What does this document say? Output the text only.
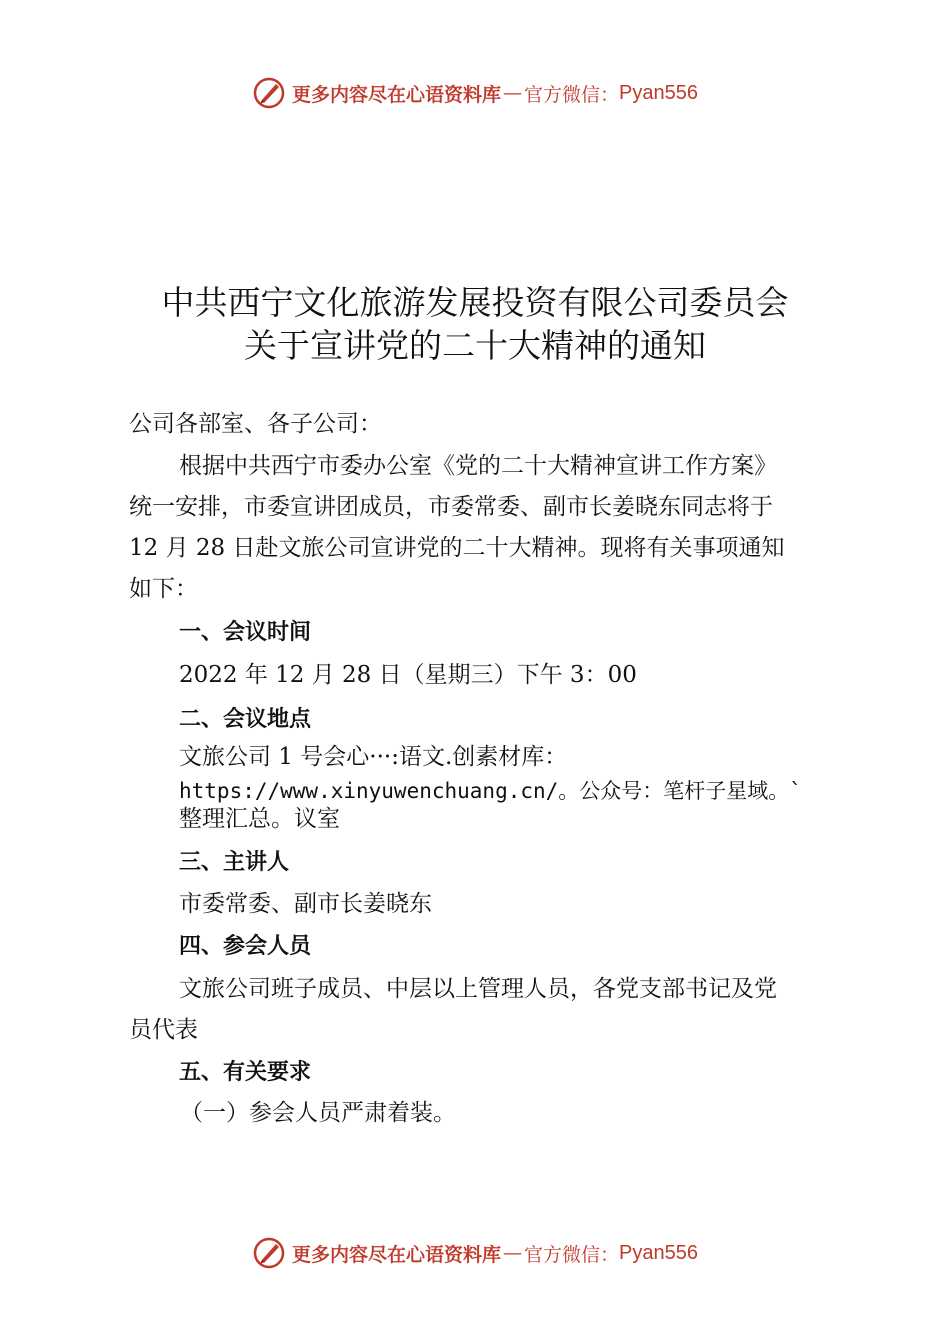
更多内容尽在心语资料库 — 官方微信： Pyan556
中共西宁文化旅游发展投资有限公司委员会
关于宣讲党的二十大精神的通知
公司各部室、各子公司：
根据中共西宁市委办公室《党的二十大精神宣讲工作方案》
统一安排，市委宣讲团成员，市委常委、副市长姜晓东同志将于
12 月 28 日赴文旅公司宣讲党的二十大精神。现将有关事项通知
如下：
一、会议时间
2022 年 12 月 28 日（星期三）下午 3：00
二、会议地点
文旅公司 1 号会心···:语文.创素材库：
https://www.xinyuwenchuang.cn/。公众号：笔杆子星域。`
整理汇总。议室
三、主讲人
市委常委、副市长姜晓东
四、参会人员
文旅公司班子成员、中层以上管理人员，各党支部书记及党
员代表
五、有关要求
（一）参会人员严肃着装。
更多内容尽在心语资料库 — 官方微信： Pyan556
